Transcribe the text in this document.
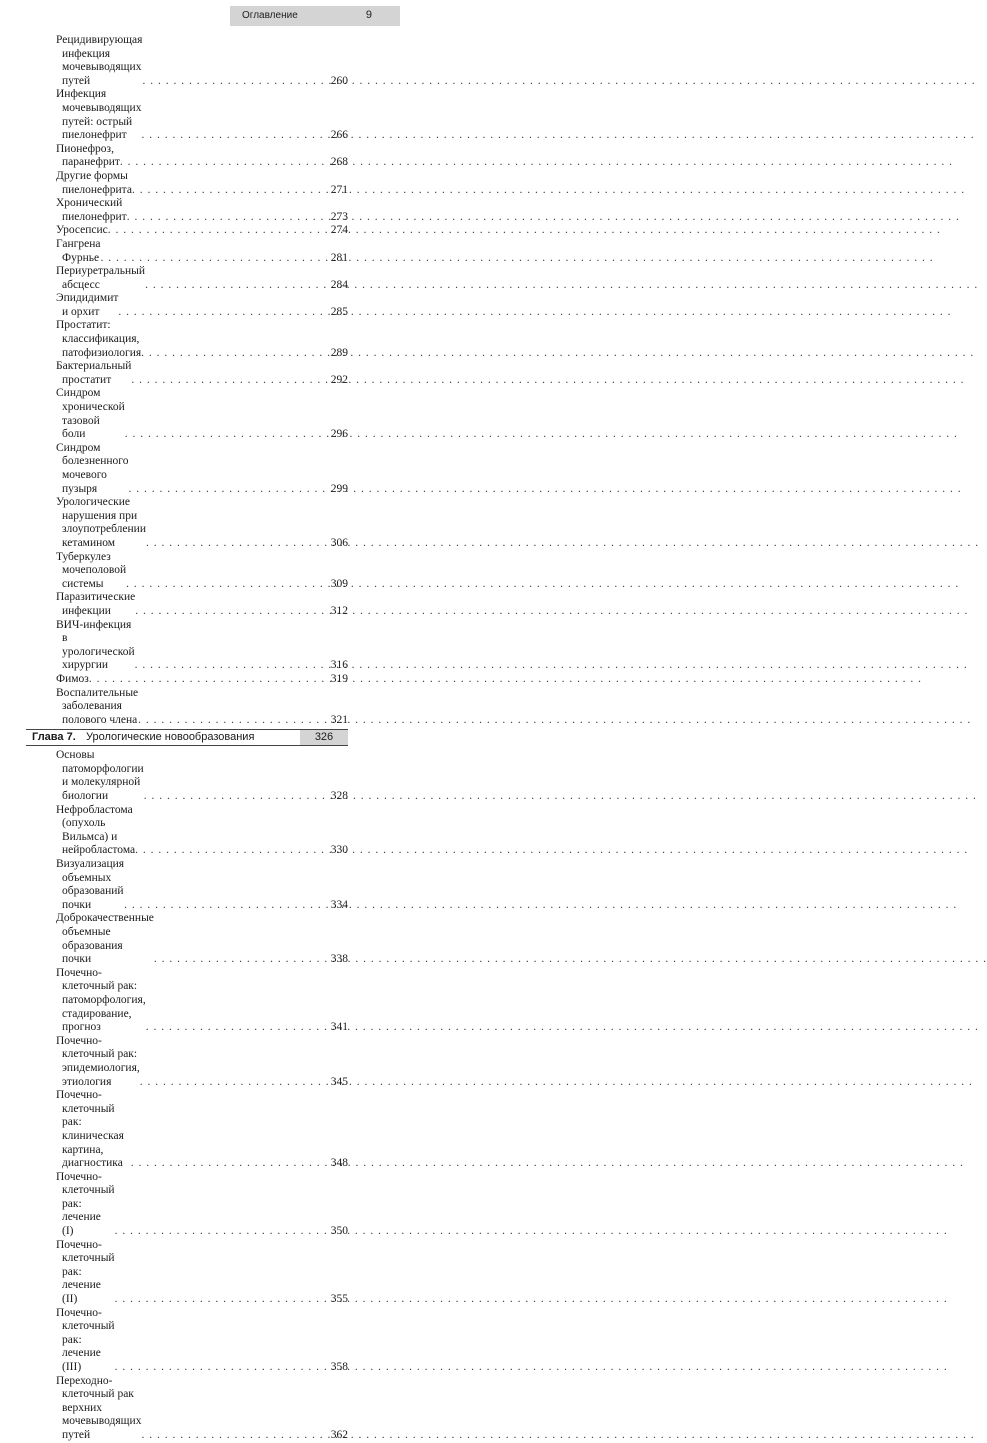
Оглавление	9
Рецидивирующая инфекция мочевыводящих путей . . .	260
Инфекция мочевыводящих путей: острый пиелонефрит . . .	266
Пионефроз, паранефрит . . .	268
Другие формы пиелонефрита . . .	271
Хронический пиелонефрит . . .	273
Уросепсис . . .	274
Гангрена Фурнье . . .	281
Периуретральный абсцесс . . .	284
Эпидидимит и орхит . . .	285
Простатит: классификация, патофизиология . . .	289
Бактериальный простатит . . .	292
Синдром хронической тазовой боли . . .	296
Синдром болезненного мочевого пузыря . . .	299
Урологические нарушения при злоупотреблении кетамином . . .	306
Туберкулез мочеполовой системы . . .	309
Паразитические инфекции . . .	312
ВИЧ-инфекция в урологической хирургии . . .	316
Фимоз . . .	319
Воспалительные заболевания полового члена . . .	321
Глава 7. Урологические новообразования	326
Основы патоморфологии и молекулярной биологии . . .	328
Нефробластома (опухоль Вильмса) и нейробластома . . .	330
Визуализация объемных образований почки . . .	334
Доброкачественные объемные образования почки . . .	338
Почечно-клеточный рак: патоморфология, стадирование, прогноз . . .	341
Почечно-клеточный рак: эпидемиология, этиология . . .	345
Почечно-клеточный рак: клиническая картина, диагностика . . .	348
Почечно-клеточный рак: лечение (I) . . .	350
Почечно-клеточный рак: лечение (II) . . .	355
Почечно-клеточный рак: лечение (III) . . .	358
Переходно-клеточный рак верхних мочевыводящих путей . . .	362
